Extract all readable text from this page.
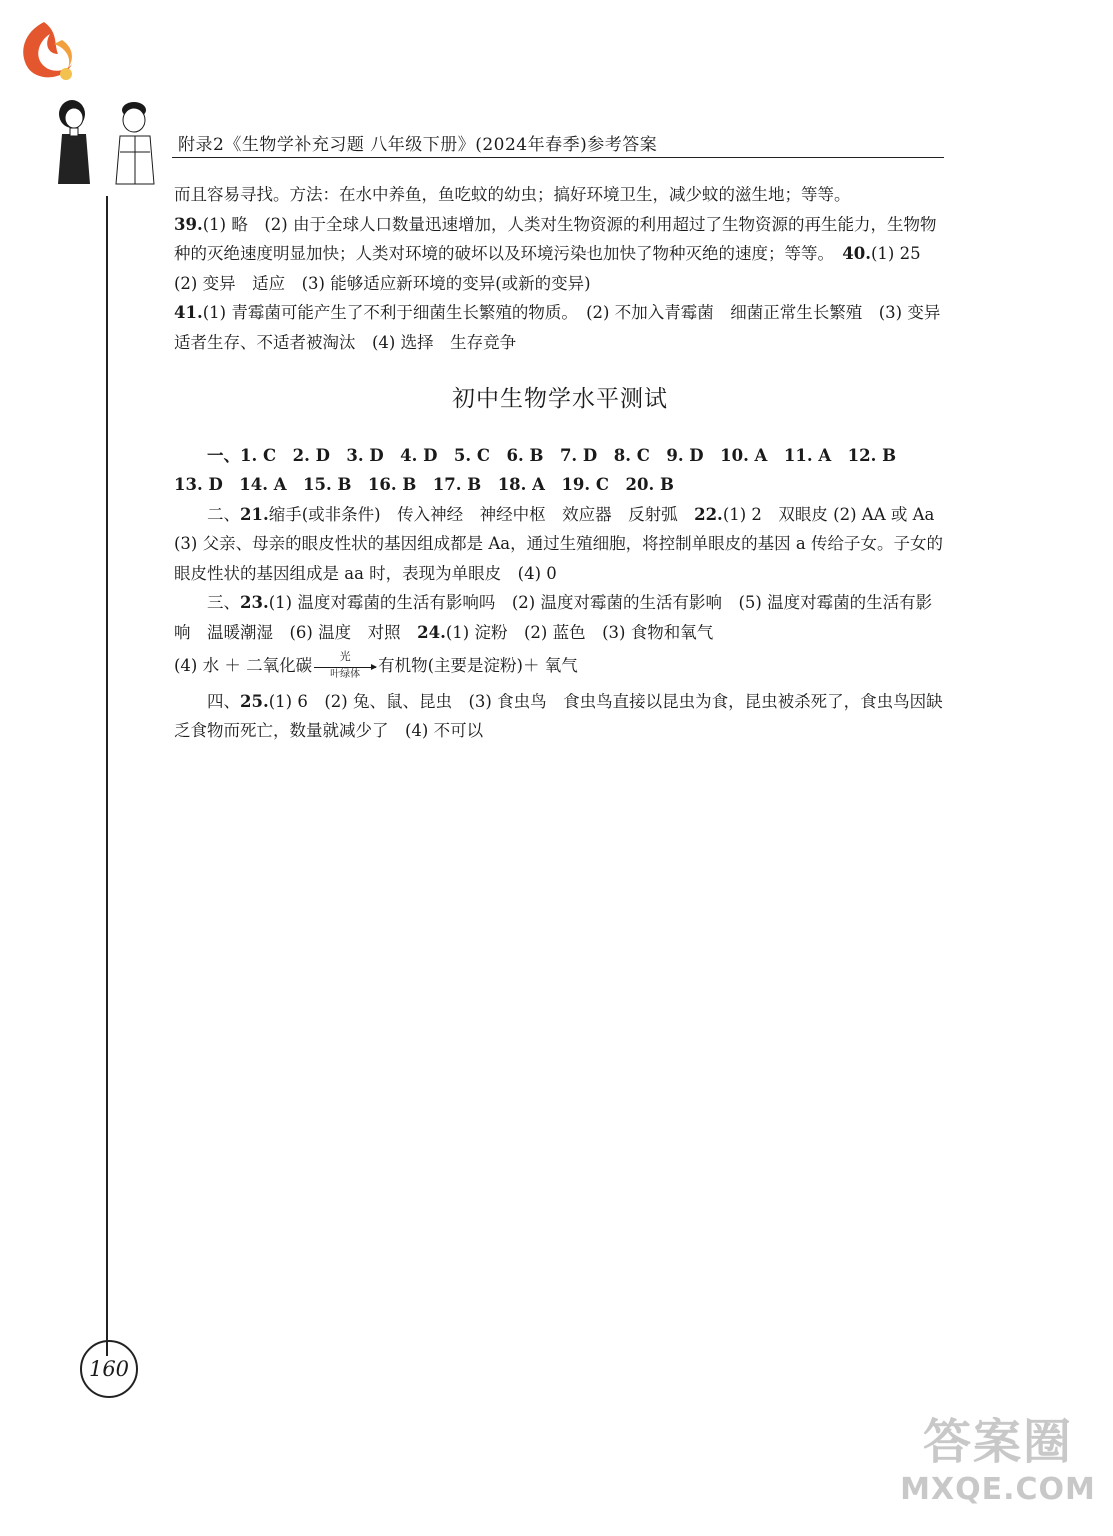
附录2《生物学补充习题 八年级下册》(2024年春季)参考答案

而且容易寻找。方法：在水中养鱼，鱼吃蚊的幼虫；搞好环境卫生，减少蚊的滋生地；等等。

39.(1) 略　(2) 由于全球人口数量迅速增加，人类对生物资源的利用超过了生物资源的再生能力，生物物种的灭绝速度明显加快；人类对环境的破坏以及环境污染也加快了物种灭绝的速度；等等。　40.(1) 25　(2) 变异　适应　(3) 能够适应新环境的变异(或新的变异)

41.(1) 青霉菌可能产生了不利于细菌生长繁殖的物质。　(2) 不加入青霉菌　细菌正常生长繁殖　(3) 变异　适者生存、不适者被淘汰　(4) 选择　生存竞争

初中生物学水平测试

一、1. C　2. D　3. D　4. D　5. C　6. B　7. D　8. C　9. D　10. A　11. A　12. B

13. D　14. A　15. B　16. B　17. B　18. A　19. C　20. B

二、21.缩手(或非条件)　传入神经　神经中枢　效应器　反射弧　22.(1) 2　双眼皮 (2) AA 或 Aa　(3) 父亲、母亲的眼皮性状的基因组成都是 Aa，通过生殖细胞，将控制单眼皮的基因 a 传给子女。子女的眼皮性状的基因组成是 aa 时，表现为单眼皮　(4) 0

三、23.(1) 温度对霉菌的生活有影响吗　(2) 温度对霉菌的生活有影响　(5) 温度对霉菌的生活有影响　温暖潮湿　(6) 温度　对照　24.(1) 淀粉　(2) 蓝色　(3) 食物和氧气

(4) 水 ＋ 二氧化碳	光
叶绿体	有机物(主要是淀粉)＋ 氧气

四、25.(1) 6　(2) 兔、鼠、昆虫　(3) 食虫鸟　食虫鸟直接以昆虫为食，昆虫被杀死了，食虫鸟因缺乏食物而死亡，数量就减少了　(4) 不可以

160
答案圈
MXQE.COM
